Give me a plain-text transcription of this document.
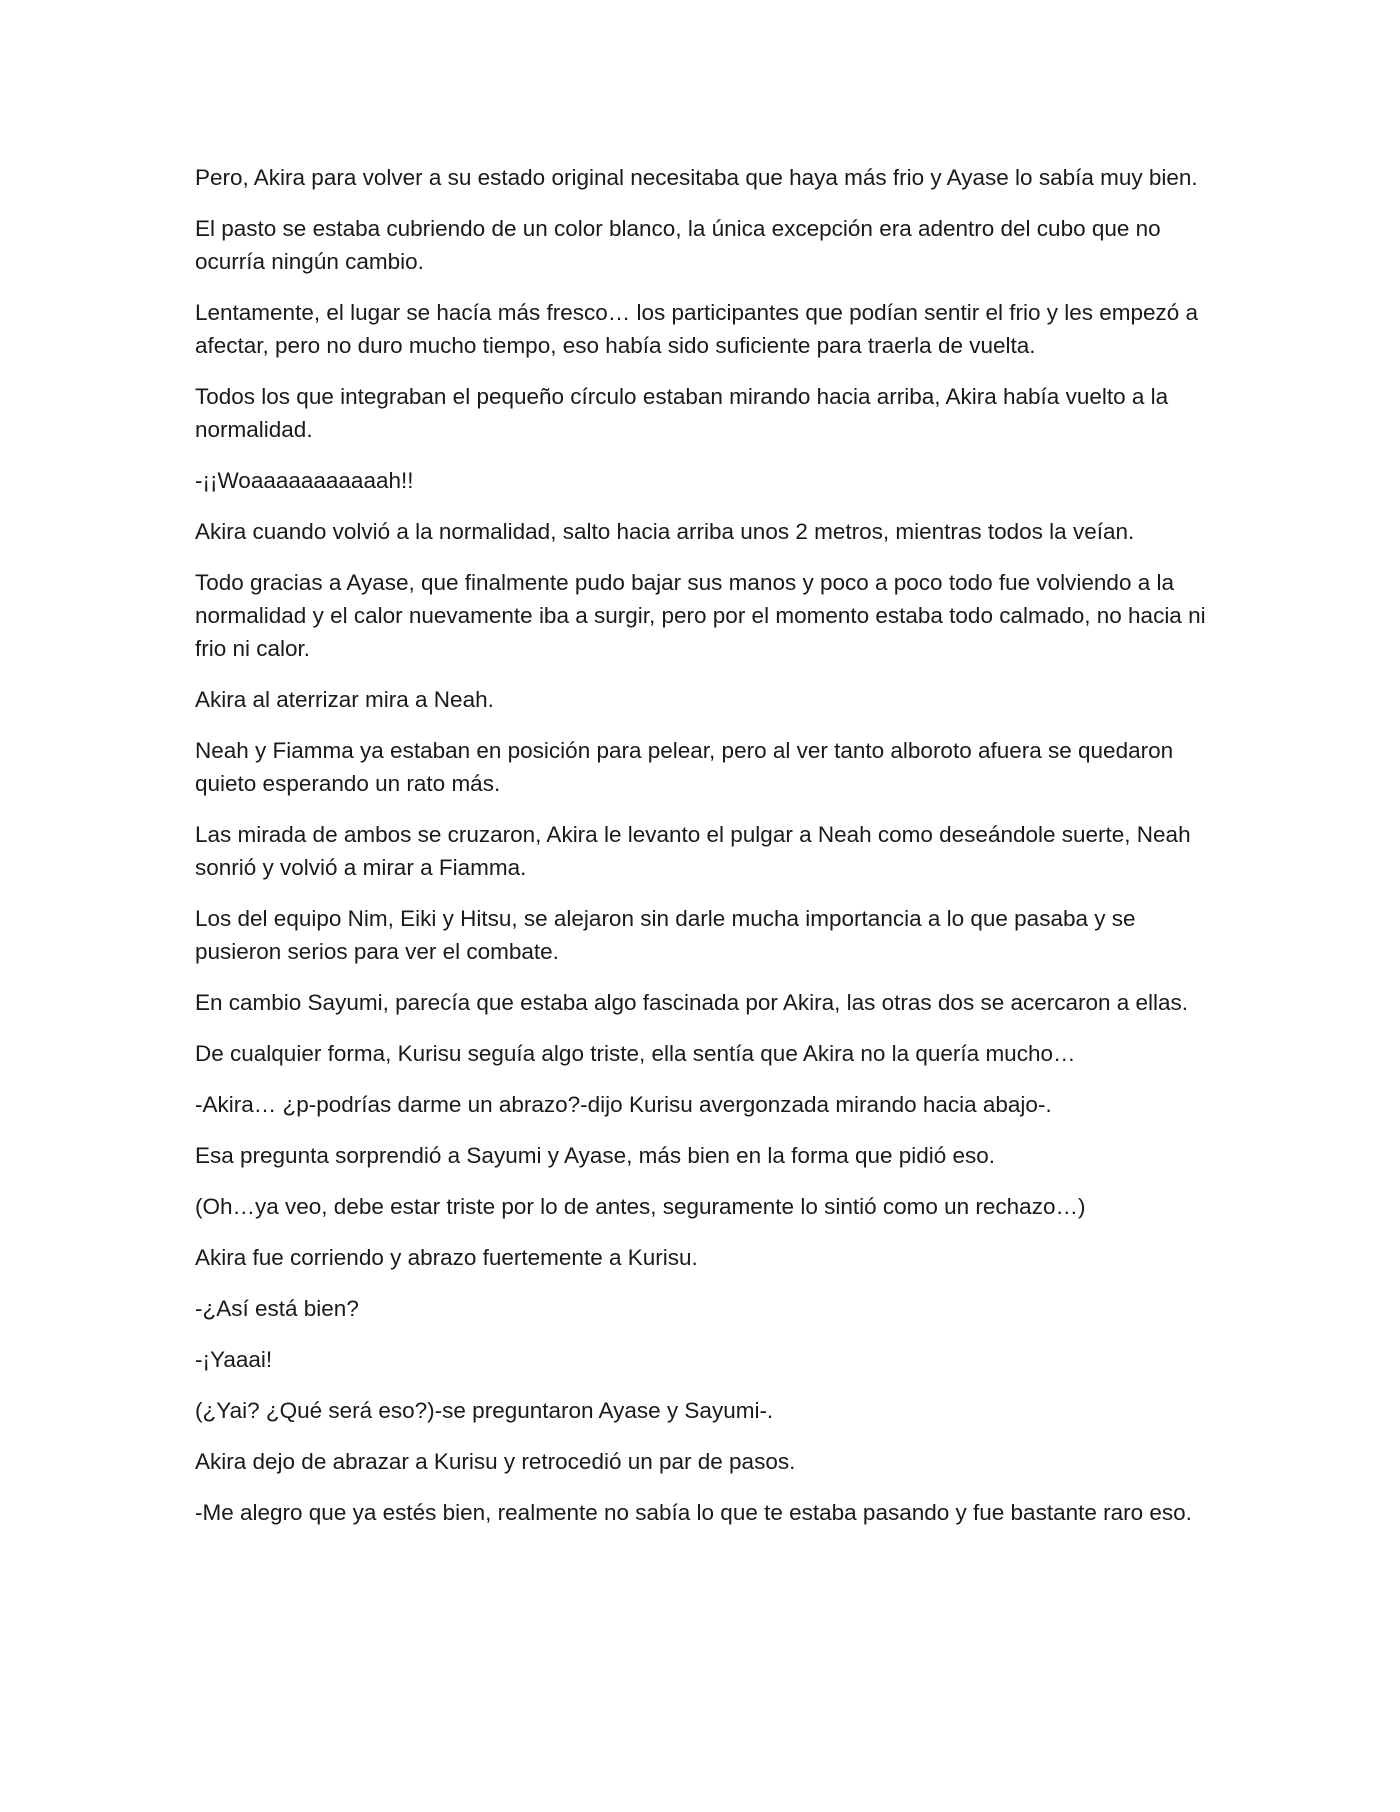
Pero, Akira para volver a su estado original necesitaba que haya más frio y Ayase lo sabía muy bien.

El pasto se estaba cubriendo de un color blanco, la única excepción era adentro del cubo que no ocurría ningún cambio.

Lentamente, el lugar se hacía más fresco… los participantes que podían sentir el frio y les empezó a afectar, pero no duro mucho tiempo, eso había sido suficiente para traerla de vuelta.

Todos los que integraban el pequeño círculo estaban mirando hacia arriba, Akira había vuelto a la normalidad.

-¡¡Woaaaaaaaaaaah!!

Akira cuando volvió a la normalidad, salto hacia arriba unos 2 metros, mientras todos la veían.

Todo gracias a Ayase, que finalmente pudo bajar sus manos y poco a poco todo fue volviendo a la normalidad y el calor nuevamente iba a surgir, pero por el momento estaba todo calmado, no hacia ni frio ni calor.

Akira al aterrizar mira a Neah.

Neah y Fiamma ya estaban en posición para pelear, pero al ver tanto alboroto afuera se quedaron quieto esperando un rato más.

Las mirada de ambos se cruzaron, Akira le levanto el pulgar a Neah como deseándole suerte, Neah sonrió y volvió a mirar a Fiamma.

Los del equipo Nim, Eiki y Hitsu, se alejaron sin darle mucha importancia a lo que pasaba y se pusieron serios para ver el combate.

En cambio Sayumi, parecía que estaba algo fascinada por Akira, las otras dos se acercaron a ellas.

De cualquier forma, Kurisu seguía algo triste, ella sentía que Akira no la quería mucho…

-Akira… ¿p-podrías darme un abrazo?-dijo Kurisu avergonzada mirando hacia abajo-.

Esa pregunta sorprendió a Sayumi y Ayase, más bien en la forma que pidió eso.

(Oh…ya veo, debe estar triste por lo de antes, seguramente lo sintió como un rechazo…)

Akira fue corriendo y abrazo fuertemente a Kurisu.

-¿Así está bien?

-¡Yaaai!

(¿Yai? ¿Qué será eso?)-se preguntaron Ayase y Sayumi-.

Akira dejo de abrazar a Kurisu y retrocedió un par de pasos.

-Me alegro que ya estés bien, realmente no sabía lo que te estaba pasando y fue bastante raro eso.
